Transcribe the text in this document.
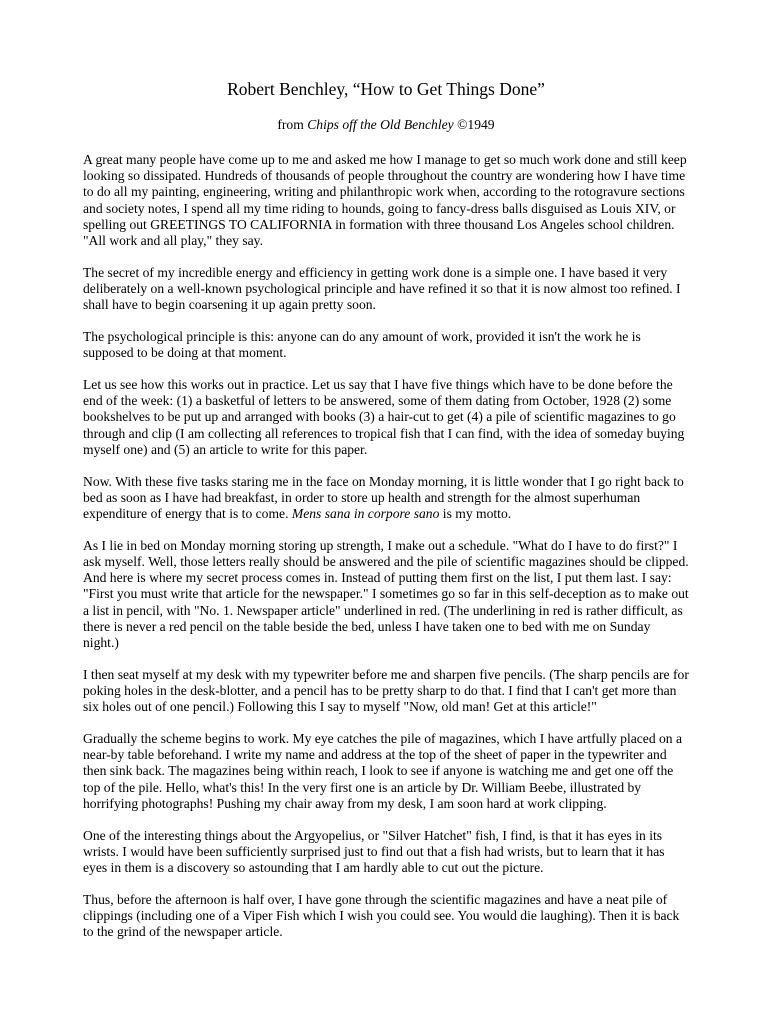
Robert Benchley, “How to Get Things Done”

from Chips off the Old Benchley ©1949

A great many people have come up to me and asked me how I manage to get so much work done and still keep looking so dissipated. Hundreds of thousands of people throughout the country are wondering how I have time to do all my painting, engineering, writing and philanthropic work when, according to the rotogravure sections and society notes, I spend all my time riding to hounds, going to fancy-dress balls disguised as Louis XIV, or spelling out GREETINGS TO CALIFORNIA in formation with three thousand Los Angeles school children. "All work and all play," they say.

The secret of my incredible energy and efficiency in getting work done is a simple one. I have based it very deliberately on a well-known psychological principle and have refined it so that it is now almost too refined. I shall have to begin coarsening it up again pretty soon.

The psychological principle is this: anyone can do any amount of work, provided it isn't the work he is supposed to be doing at that moment.

Let us see how this works out in practice. Let us say that I have five things which have to be done before the end of the week: (1) a basketful of letters to be answered, some of them dating from October, 1928 (2) some bookshelves to be put up and arranged with books (3) a hair-cut to get (4) a pile of scientific magazines to go through and clip (I am collecting all references to tropical fish that I can find, with the idea of someday buying myself one) and (5) an article to write for this paper.

Now. With these five tasks staring me in the face on Monday morning, it is little wonder that I go right back to bed as soon as I have had breakfast, in order to store up health and strength for the almost superhuman expenditure of energy that is to come. Mens sana in corpore sano is my motto.

As I lie in bed on Monday morning storing up strength, I make out a schedule. "What do I have to do first?" I ask myself. Well, those letters really should be answered and the pile of scientific magazines should be clipped. And here is where my secret process comes in. Instead of putting them first on the list, I put them last. I say: "First you must write that article for the newspaper." I sometimes go so far in this self-deception as to make out a list in pencil, with "No. 1. Newspaper article" underlined in red. (The underlining in red is rather difficult, as there is never a red pencil on the table beside the bed, unless I have taken one to bed with me on Sunday night.)

I then seat myself at my desk with my typewriter before me and sharpen five pencils. (The sharp pencils are for poking holes in the desk-blotter, and a pencil has to be pretty sharp to do that. I find that I can't get more than six holes out of one pencil.) Following this I say to myself "Now, old man! Get at this article!"

Gradually the scheme begins to work. My eye catches the pile of magazines, which I have artfully placed on a near-by table beforehand. I write my name and address at the top of the sheet of paper in the typewriter and then sink back. The magazines being within reach, I look to see if anyone is watching me and get one off the top of the pile. Hello, what's this! In the very first one is an article by Dr. William Beebe, illustrated by horrifying photographs! Pushing my chair away from my desk, I am soon hard at work clipping.

One of the interesting things about the Argyopelius, or "Silver Hatchet" fish, I find, is that it has eyes in its wrists. I would have been sufficiently surprised just to find out that a fish had wrists, but to learn that it has eyes in them is a discovery so astounding that I am hardly able to cut out the picture.

Thus, before the afternoon is half over, I have gone through the scientific magazines and have a neat pile of clippings (including one of a Viper Fish which I wish you could see. You would die laughing). Then it is back to the grind of the newspaper article.
